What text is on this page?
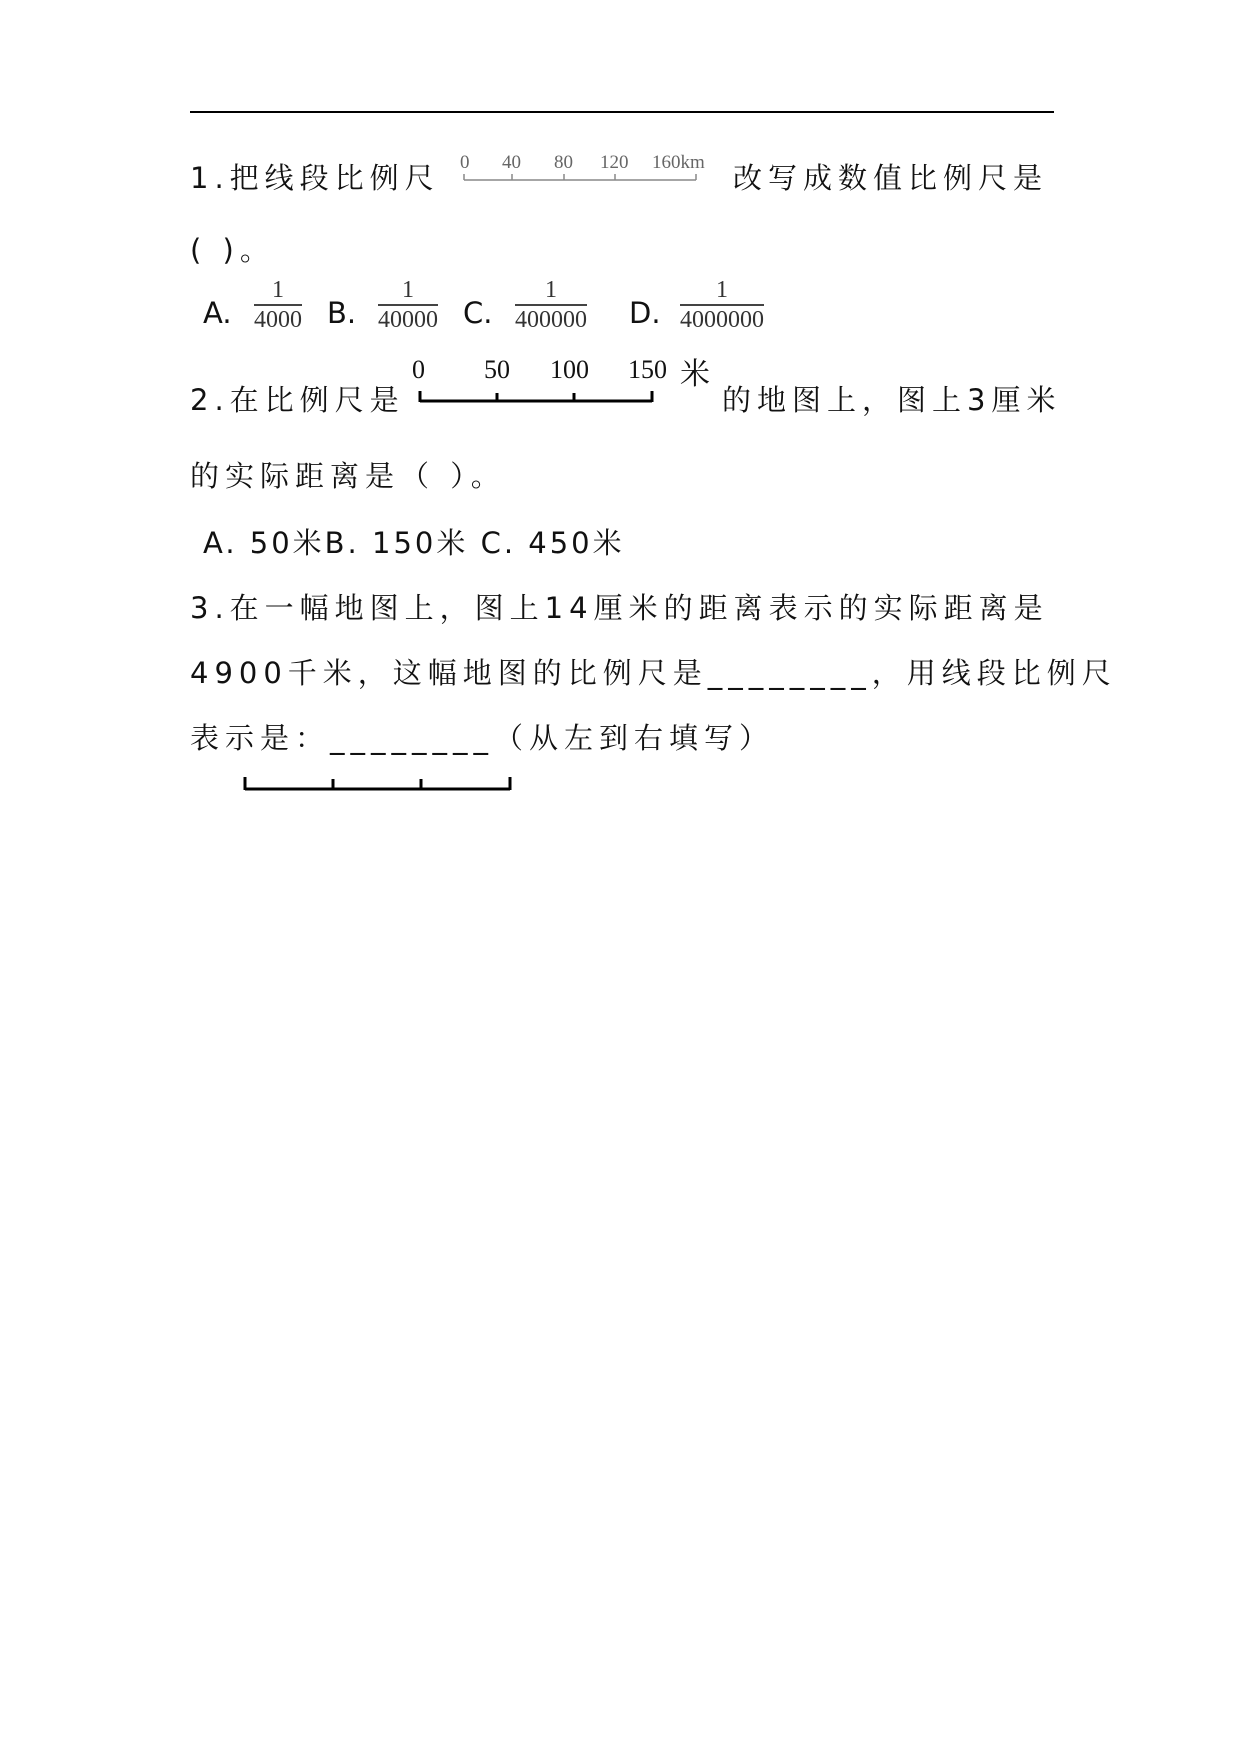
1.把线段比例尺 0 40 80 120 160km 改写成数值比例尺是
( )。
A.
1
4000 B.
1
40000 C.
1
400000 D.
1
4000000
2.在比例尺是
0 50 100 150 米
的地图上，图上3厘米
的实际距离是（ ）。
A. 50米B. 150米 C. 450米
3.在一幅地图上，图上14厘米的距离表示的实际距离是
4900千米，这幅地图的比例尺是________，用线段比例尺
表示是：________（从左到右填写）
